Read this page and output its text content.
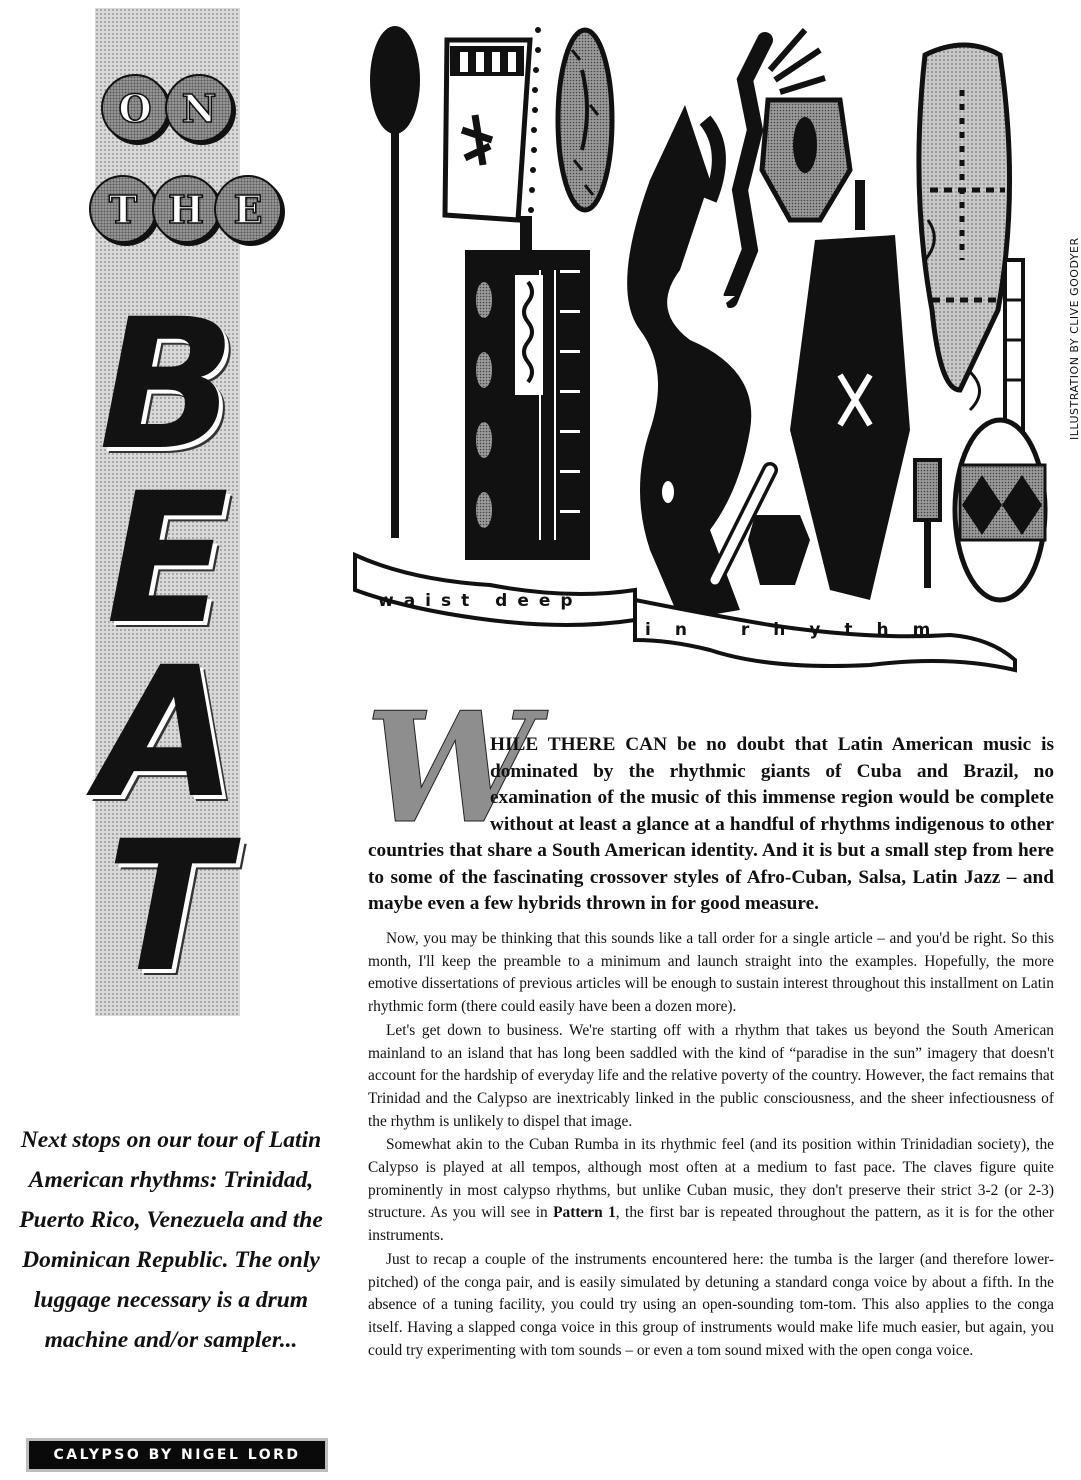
O N
T H E
B
E
A
T
Next stops on our tour of Latin American rhythms: Trinidad, Puerto Rico, Venezuela and the Dominican Republic. The only luggage necessary is a drum machine and/or sampler...
CALYPSO BY NIGEL LORD
waist deep
in rhythm
ILLUSTRATION BY CLIVE GOODYER
W

HILE THERE CAN be no doubt that Latin American music is dominated by the rhythmic giants of Cuba and Brazil, no examination of the music of this immense region would be complete without at least a glance at a handful of rhythms indigenous to other countries that share a South American identity. And it is but a small step from here to some of the fascinating crossover styles of Afro-Cuban, Salsa, Latin Jazz – and maybe even a few hybrids thrown in for good measure.

Now, you may be thinking that this sounds like a tall order for a single article – and you'd be right. So this month, I'll keep the preamble to a minimum and launch straight into the examples. Hopefully, the more emotive dissertations of previous articles will be enough to sustain interest throughout this installment on Latin rhythmic form (there could easily have been a dozen more).

Let's get down to business. We're starting off with a rhythm that takes us beyond the South American mainland to an island that has long been saddled with the kind of “paradise in the sun” imagery that doesn't account for the hardship of everyday life and the relative poverty of the country. However, the fact remains that Trinidad and the Calypso are inextricably linked in the public consciousness, and the sheer infectiousness of the rhythm is unlikely to dispel that image.

Somewhat akin to the Cuban Rumba in its rhythmic feel (and its position within Trinidadian society), the Calypso is played at all tempos, although most often at a medium to fast pace. The claves figure quite prominently in most calypso rhythms, but unlike Cuban music, they don't preserve their strict 3-2 (or 2-3) structure. As you will see in Pattern 1, the first bar is repeated throughout the pattern, as it is for the other instruments.

Just to recap a couple of the instruments encountered here: the tumba is the larger (and therefore lower-pitched) of the conga pair, and is easily simulated by detuning a standard conga voice by about a fifth. In the absence of a tuning facility, you could try using an open-sounding tom-tom. This also applies to the conga itself. Having a slapped conga voice in this group of instruments would make life much easier, but again, you could try experimenting with tom sounds – or even a tom sound mixed with the open conga voice.
